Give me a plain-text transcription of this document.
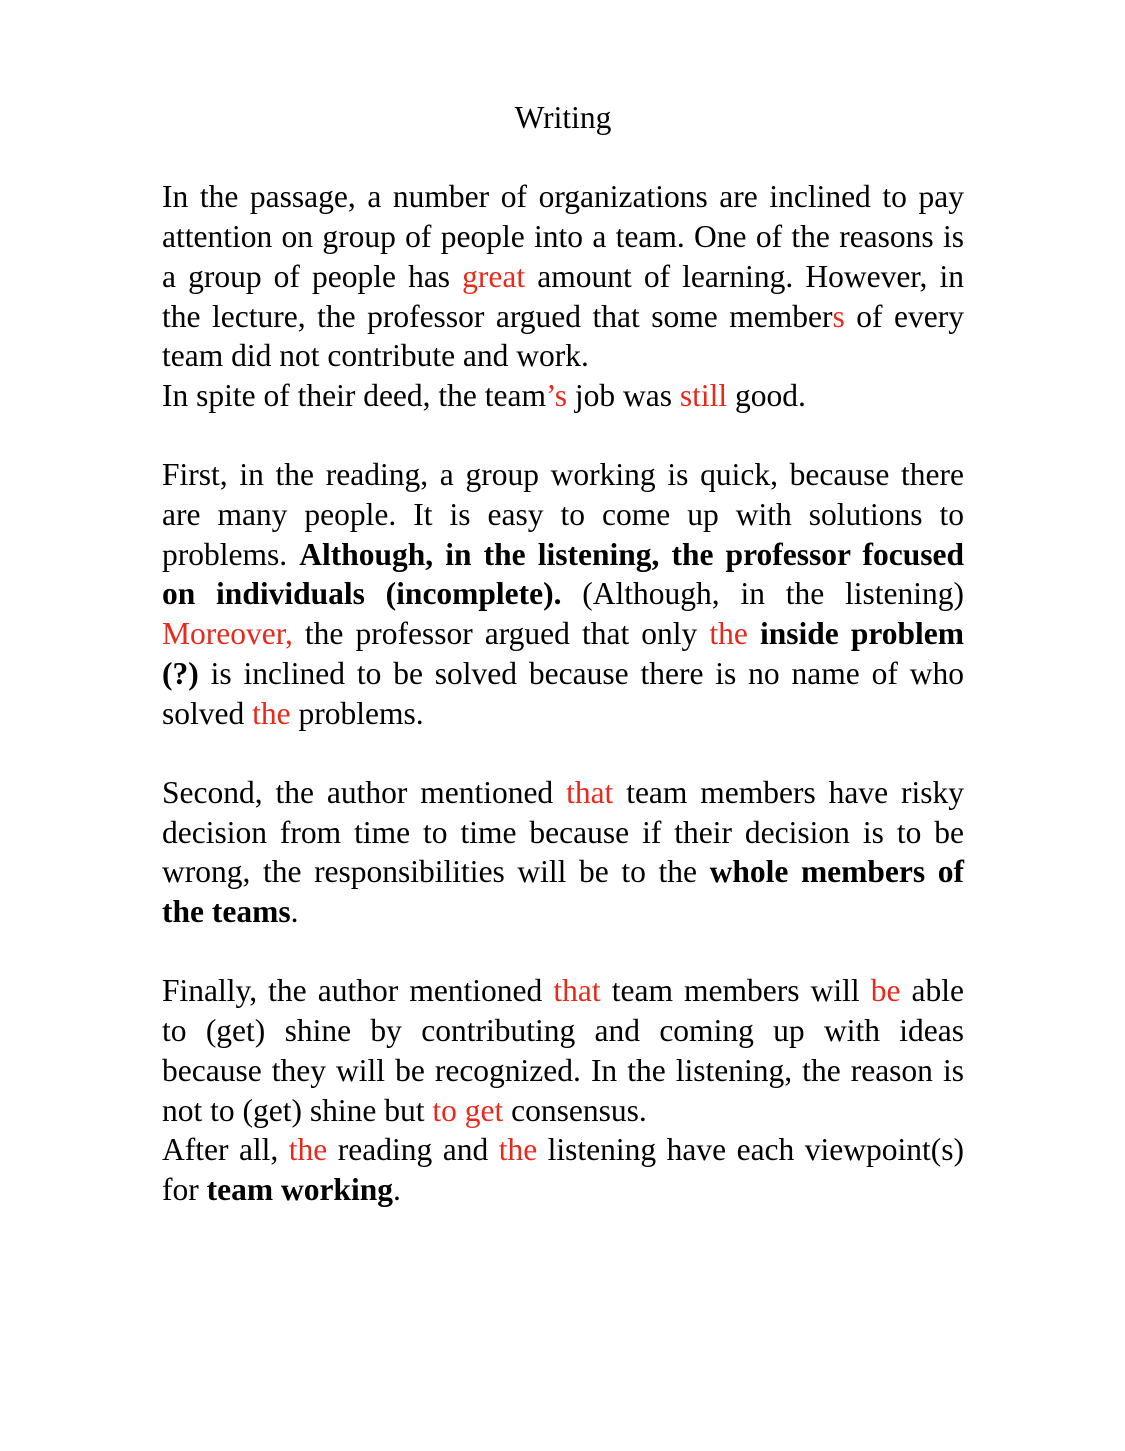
Writing

In the passage, a number of organizations are inclined to pay attention on group of people into a team. One of the reasons is a group of people has great amount of learning. However, in the lecture, the professor argued that some members of every team did not contribute and work.

In spite of their deed, the team’s job was still good.

First, in the reading, a group working is quick, because there are many people. It is easy to come up with solutions to problems. Although, in the listening, the professor focused on individuals (incomplete). (Although, in the listening) Moreover, the professor argued that only the inside problem (?) is inclined to be solved because there is no name of who solved the problems.

Second, the author mentioned that team members have risky decision from time to time because if their decision is to be wrong, the responsibilities will be to the whole members of the teams.

Finally, the author mentioned that team members will be able to (get) shine by contributing and coming up with ideas because they will be recognized. In the listening, the reason is not to (get) shine but to get consensus.

After all, the reading and the listening have each viewpoint(s) for team working.
